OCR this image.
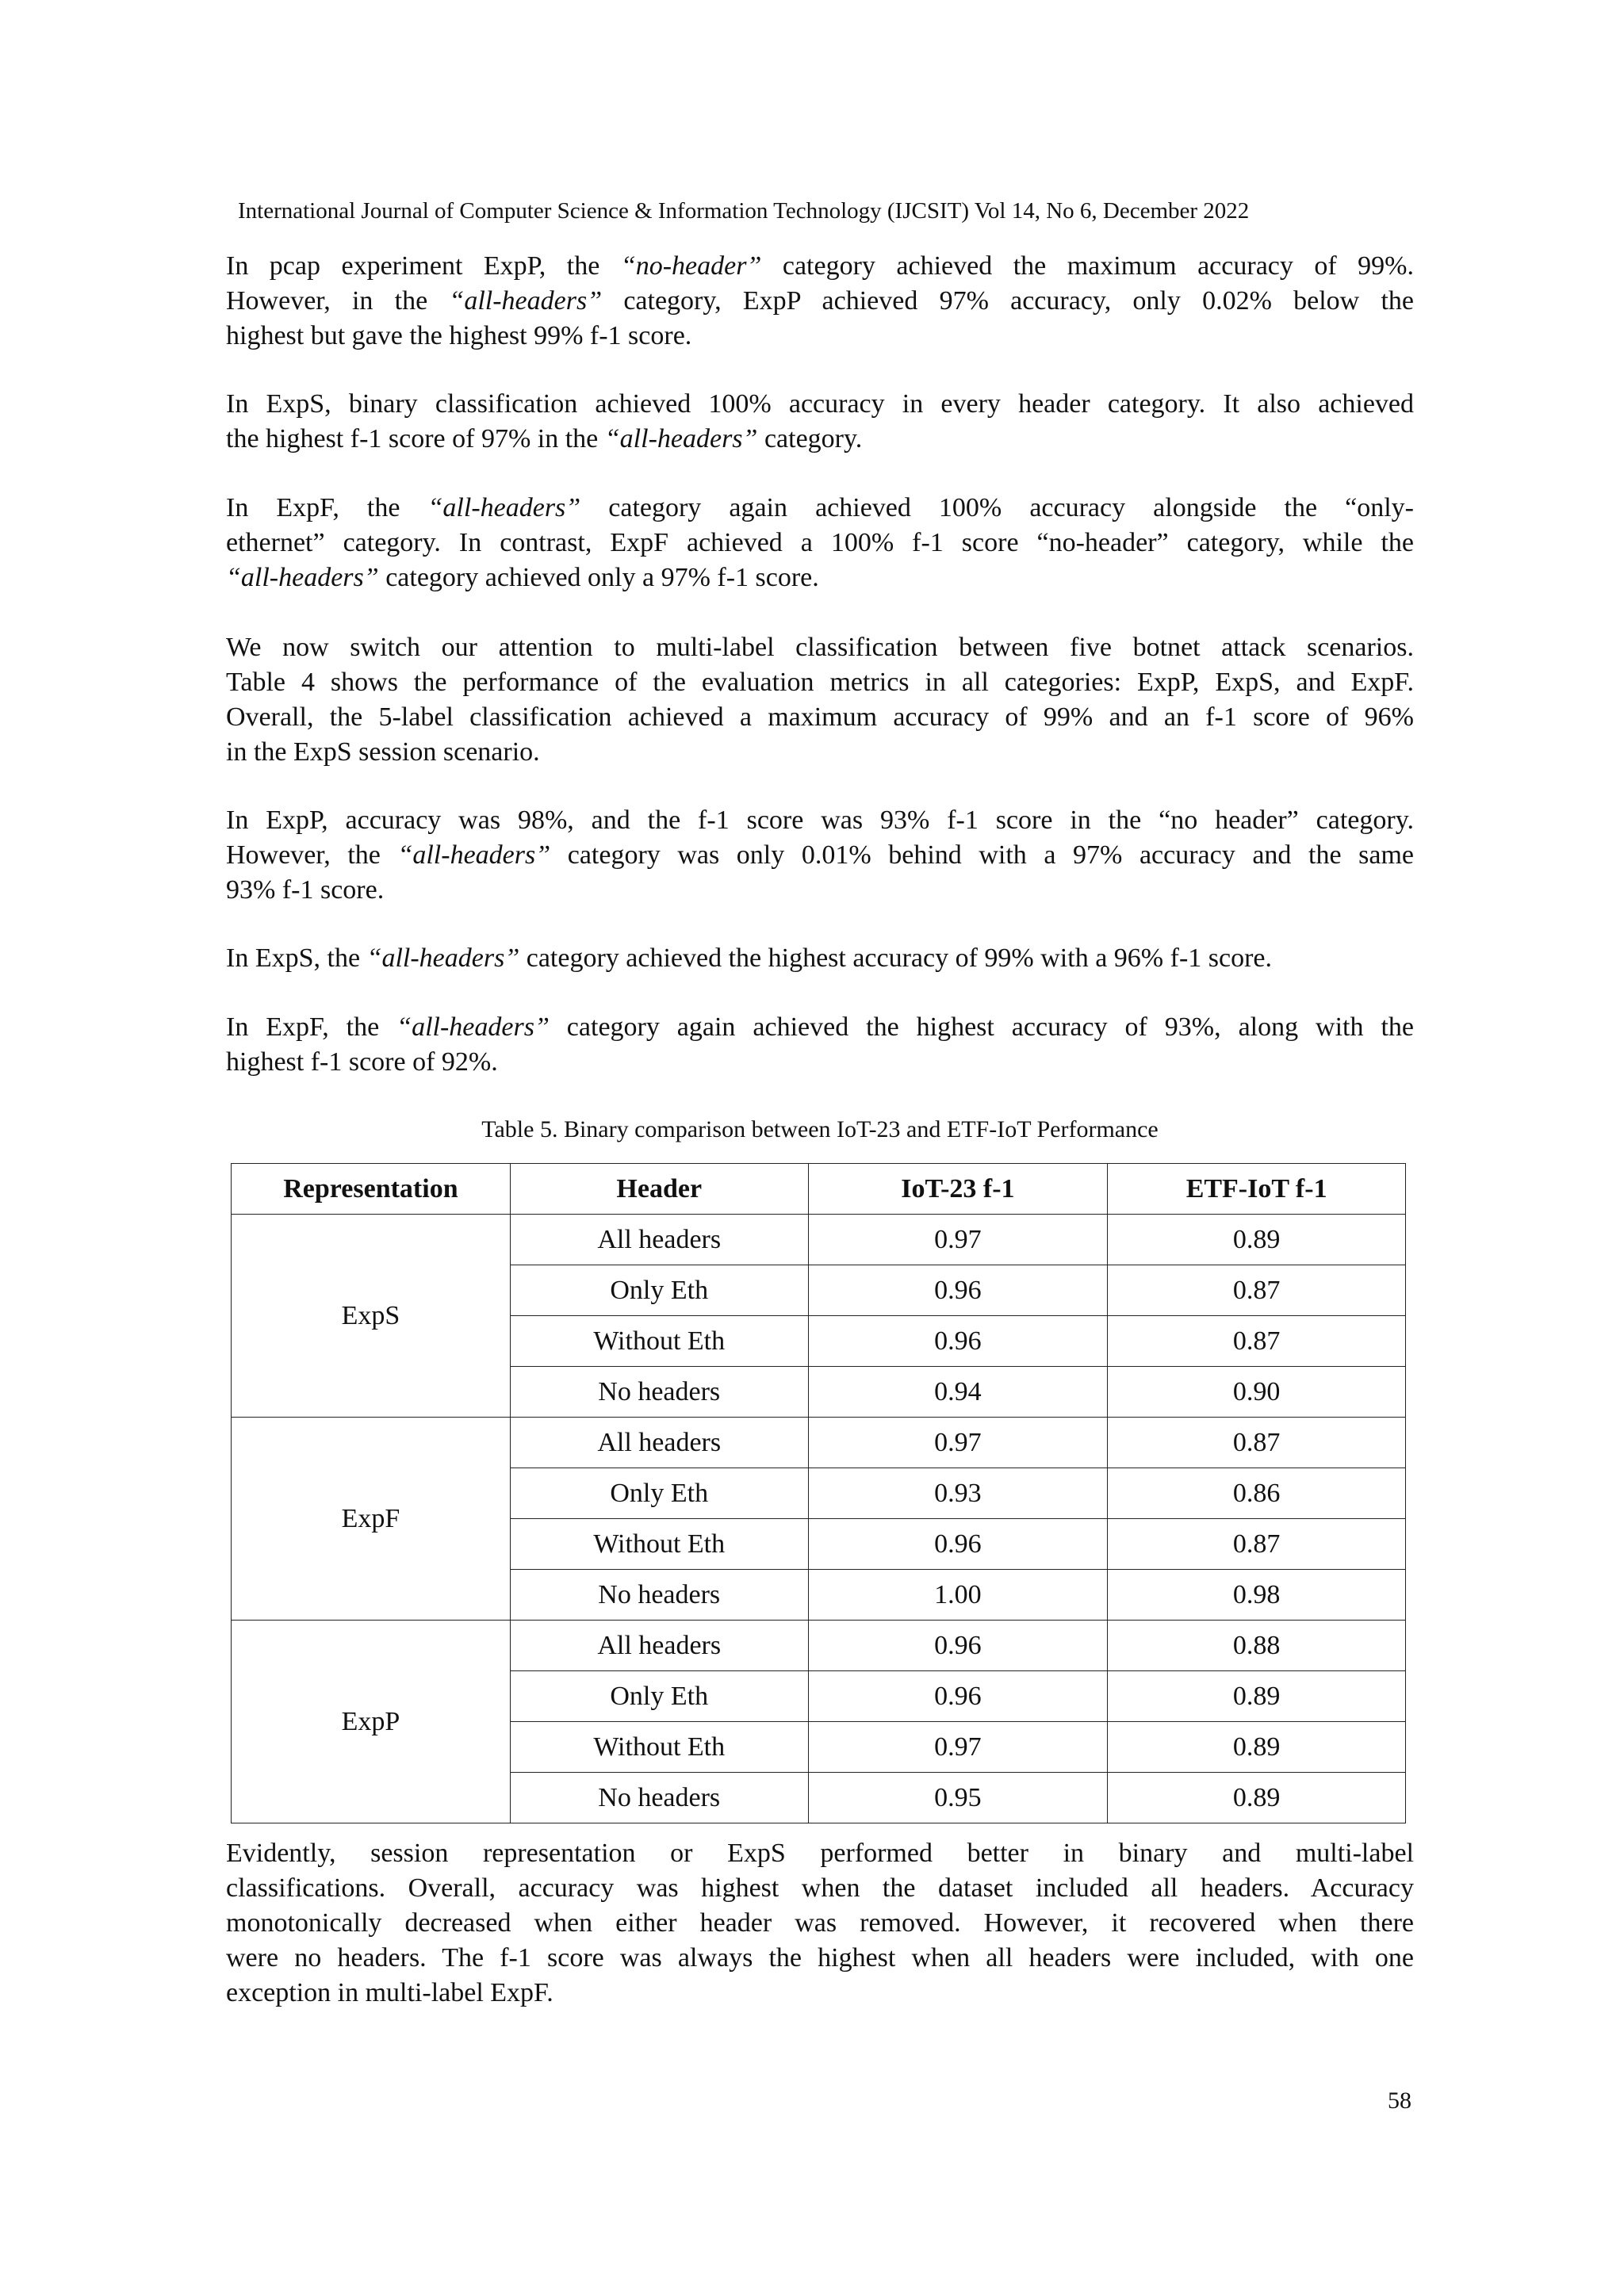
International Journal of Computer Science & Information Technology (IJCSIT) Vol 14, No 6, December 2022

In pcap experiment ExpP, the “no-header” category achieved the maximum accuracy of 99%.
However, in the “all-headers” category, ExpP achieved 97% accuracy, only 0.02% below the
highest but gave the highest 99% f-1 score.

In ExpS, binary classification achieved 100% accuracy in every header category. It also achieved
the highest f-1 score of 97% in the “all-headers” category.

In ExpF, the “all-headers” category again achieved 100% accuracy alongside the “only-
ethernet” category. In contrast, ExpF achieved a 100% f-1 score “no-header” category, while the
“all-headers” category achieved only a 97% f-1 score.

We now switch our attention to multi-label classification between five botnet attack scenarios.
Table 4 shows the performance of the evaluation metrics in all categories: ExpP, ExpS, and ExpF.
Overall, the 5-label classification achieved a maximum accuracy of 99% and an f-1 score of 96%
in the ExpS session scenario.

In ExpP, accuracy was 98%, and the f-1 score was 93% f-1 score in the “no header” category.
However, the “all-headers” category was only 0.01% behind with a 97% accuracy and the same
93% f-1 score.

In ExpS, the “all-headers” category achieved the highest accuracy of 99% with a 96% f-1 score.

In ExpF, the “all-headers” category again achieved the highest accuracy of 93%, along with the
highest f-1 score of 92%.

Table 5. Binary comparison between IoT-23 and ETF-IoT Performance
Representation	Header	IoT-23 f-1	ETF-IoT f-1
ExpS	All headers	0.97	0.89
	Only Eth	0.96	0.87
	Without Eth	0.96	0.87
	No headers	0.94	0.90
ExpF	All headers	0.97	0.87
	Only Eth	0.93	0.86
	Without Eth	0.96	0.87
	No headers	1.00	0.98
ExpP	All headers	0.96	0.88
	Only Eth	0.96	0.89
	Without Eth	0.97	0.89
	No headers	0.95	0.89

Evidently, session representation or ExpS performed better in binary and multi-label
classifications. Overall, accuracy was highest when the dataset included all headers. Accuracy
monotonically decreased when either header was removed. However, it recovered when there
were no headers. The f-1 score was always the highest when all headers were included, with one
exception in multi-label ExpF.

58
